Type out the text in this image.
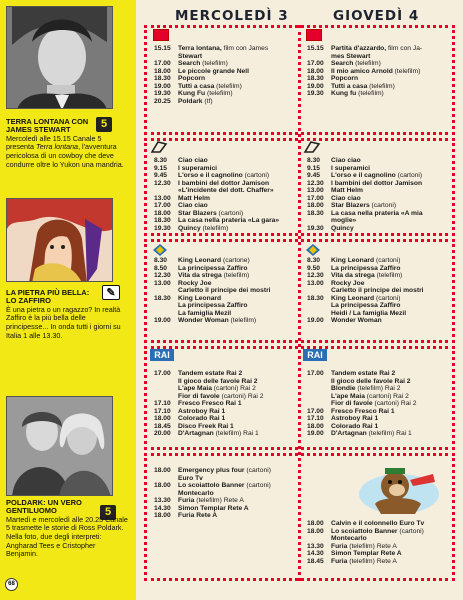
5
TERRA LONTANA CON JAMES STEWART
Mercoledì alle 15.15 Canale 5 presenta Terra lontana, l'avventura pericolosa di un cowboy che deve condurre oltre lo Yukon una mandria.
✎
LA PIETRA PIÙ BELLA: LO ZAFFIRO
È una pietra o un ragazzo? In realtà Zaffiro è la più bella delle principesse... In onda tutti i giorni su Italia 1 alle 13.30.
5
POLDARK: UN VERO GENTILUOMO
Martedì e mercoledì alle 20.25 Canale 5 trasmette le storie di Ross Poldark. Nella foto, due degli interpreti: Angharad Tees e Cristopher Benjamin.
68
MERCOLEDÌ 3	GIOVEDÌ 4
RAI	RAI
15.15	Terra lontana, film con James
Stewart
17.00	Search (telefilm)
18.00	Le piccole grande Nell
18.30	Popcorn
19.00	Tutti a casa (telefilm)
19.30	Kung Fu (telefilm)
20.25	Poldark (tf)
8.30	Ciao ciao
9.15	I superamici
9.45	L'orso e il cagnolino (cartoni)
12.30	I bambini del dottor Jamison
«L'incidente del dott. Chaffer»
13.00	Matt Helm
17.00	Ciao ciao
18.00	Star Blazers (cartoni)
18.30	La casa nella prateria «La gara»
19.30	Quincy (telefilm)
8.30	King Leonard (cartone)
8.50	La principessa Zaffiro
12.30	Vita da strega (telefilm)
13.00	Rocky Joe
Carletto il principe dei mostri
18.30	King Leonard
La principessa Zaffiro
La famiglia Mezil
19.00	Wonder Woman (telefilm)
17.00	Tandem estate Rai 2
Il gioco delle favole Rai 2
L'ape Maia (cartoni) Rai 2
Fior di favole (cartoni) Rai 2
17.10	Fresco Fresco Rai 1
17.10	Astroboy Rai 1
18.00	Colorado Rai 1
18.45	Disco Freek Rai 1
20.00	D'Artagnan (telefilm) Rai 1
18.00	Emergency plus four (cartoni)
Euro Tv
18.00	Lo scoiattolo Banner (cartoni)
Montecarlo
13.30	Furia (telefilm) Rete A
14.30	Simon Templar Rete A
18.00	Furia Rete A
15.15	Partita d'azzardo, film con Ja-
mes Stewart
17.00	Search (telefilm)
18.00	Il mio amico Arnold (telefilm)
18.30	Popcorn
19.00	Tutti a casa (telefilm)
19.30	Kung fu (telefilm)
8.30	Ciao ciao
9.15	I superamici
9.45	L'orso e il cagnolino (cartoni)
12.30	I bambini del dottor Jamison
13.00	Matt Helm
17.00	Ciao ciao
18.00	Star Blazers (cartoni)
18.30	La casa nella prateria «A mia
moglie»
19.30	Quincy
8.30	King Leonard (cartoni)
9.50	La principessa Zaffiro
12.30	Vita da strega (telefilm)
13.00	Rocky Joe
Carletto il principe dei mostri
18.30	King Leonard (cartoni)
La principessa Zaffiro
Heidi / La famiglia Mezil
19.00	Wonder Woman
17.00	Tandem estate Rai 2
Il gioco delle favole Rai 2
Blondie (telefilm) Rai 2
L'ape Maia (cartoni) Rai 2
Fior di favole (cartoni) Rai 2
17.00	Fresco Fresco Rai 1
17.10	Astroboy Rai 1
18.00	Colorado Rai 1
19.00	D'Artagnan (telefilm) Rai 1
18.00	Calvin e il colonnello Euro Tv
18.00	Lo scoiattolo Banner (cartoni)
Montecarlo
13.30	Furia (telefilm) Rete A
14.30	Simon Templar Rete A
18.45	Furia (telefilm) Rete A
